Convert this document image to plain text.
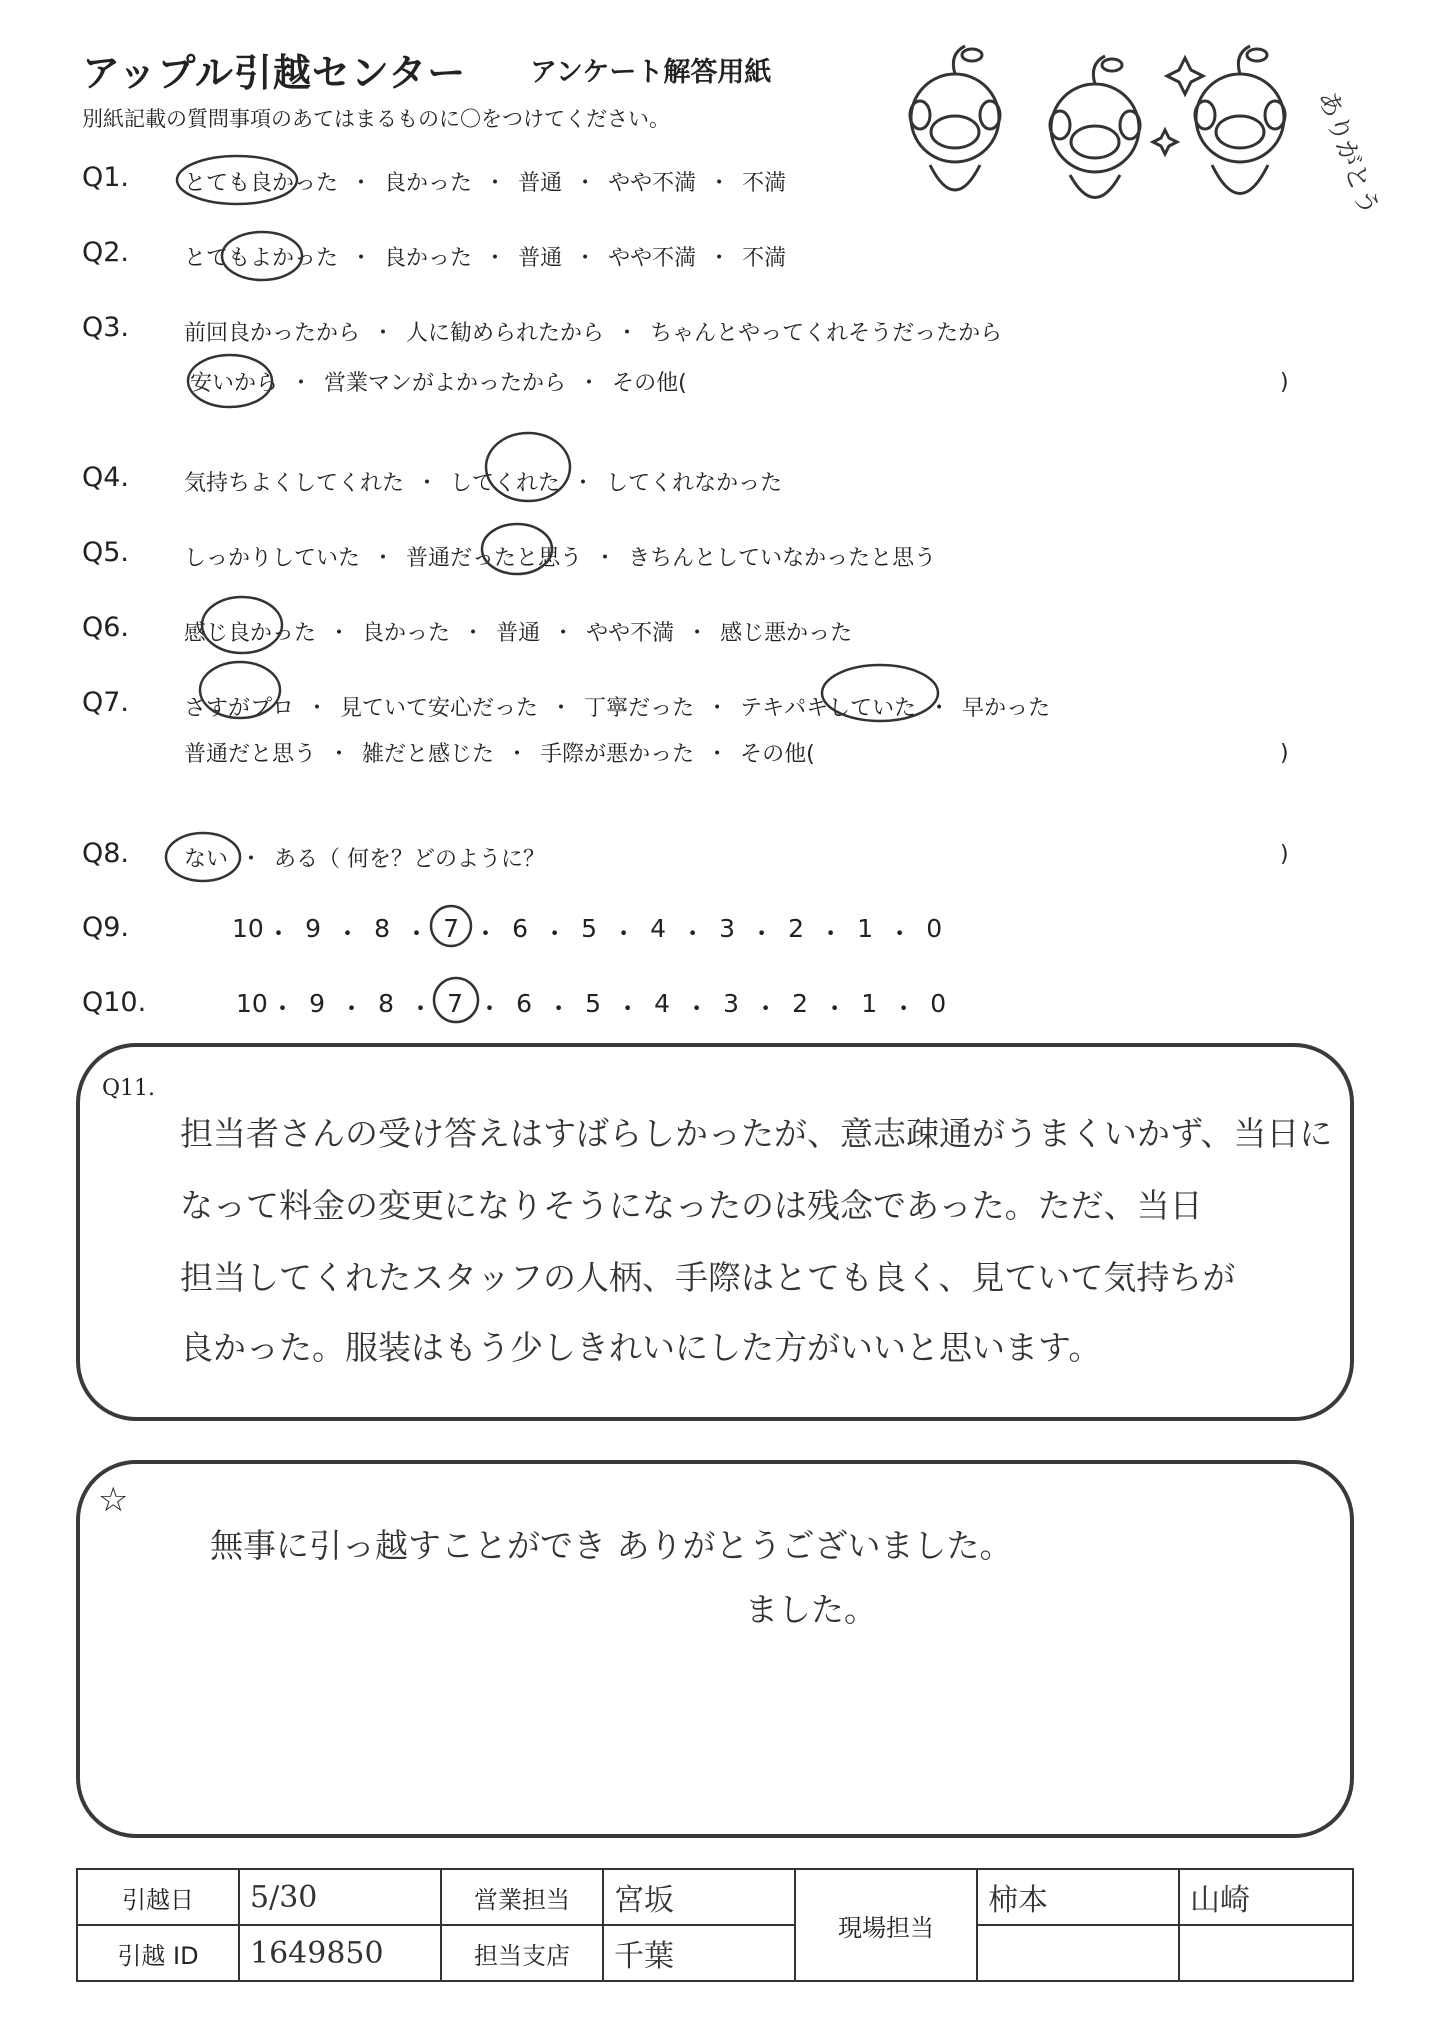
アップル引越センター アンケート解答用紙
別紙記載の質問事項のあてはまるものに〇をつけてください。	ありがとう
Q1. とても良かった ・ 良かった ・ 普通 ・ やや不満 ・ 不満
Q2. とてもよかった ・ 良かった ・ 普通 ・ やや不満 ・ 不満
Q3. 前回良かったから ・ 人に勧められたから ・ ちゃんとやってくれそうだったから
安いから ・ 営業マンがよかったから ・ その他(	)
Q4. 気持ちよくしてくれた ・ してくれた ・ してくれなかった
Q5. しっかりしていた ・ 普通だったと思う ・ きちんとしていなかったと思う
Q6. 感じ良かった ・ 良かった ・ 普通 ・ やや不満 ・ 感じ悪かった
Q7. さすがプロ ・ 見ていて安心だった ・ 丁寧だった ・ テキパキしていた ・ 早かった
普通だと思う ・ 雑だと感じた ・ 手際が悪かった ・ その他(	)
Q8. ない ・ ある（ 何を？どのように？	)
Q9.	10 ・ 9 ・ 8 ・ 7 ・ 6 ・ 5 ・ 4 ・ 3 ・ 2 ・ 1 ・ 0
Q10.	10 ・ 9 ・ 8 ・ 7 ・ 6 ・ 5 ・ 4 ・ 3 ・ 2 ・ 1 ・ 0
Q11.
担当者さんの受け答えはすばらしかったが、意志疎通がうまくいかず、当日に
なって料金の変更になりそうになったのは残念であった。ただ、当日
担当してくれたスタッフの人柄、手際はとても良く、見ていて気持ちが
良かった。服装はもう少しきれいにした方がいいと思います。
☆
無事に引っ越すことができ ありがとうございました。
ました。
引越日	5/30	営業担当	宮坂	現場担当	柿本	山崎
引越 ID	1649850	担当支店	千葉			
